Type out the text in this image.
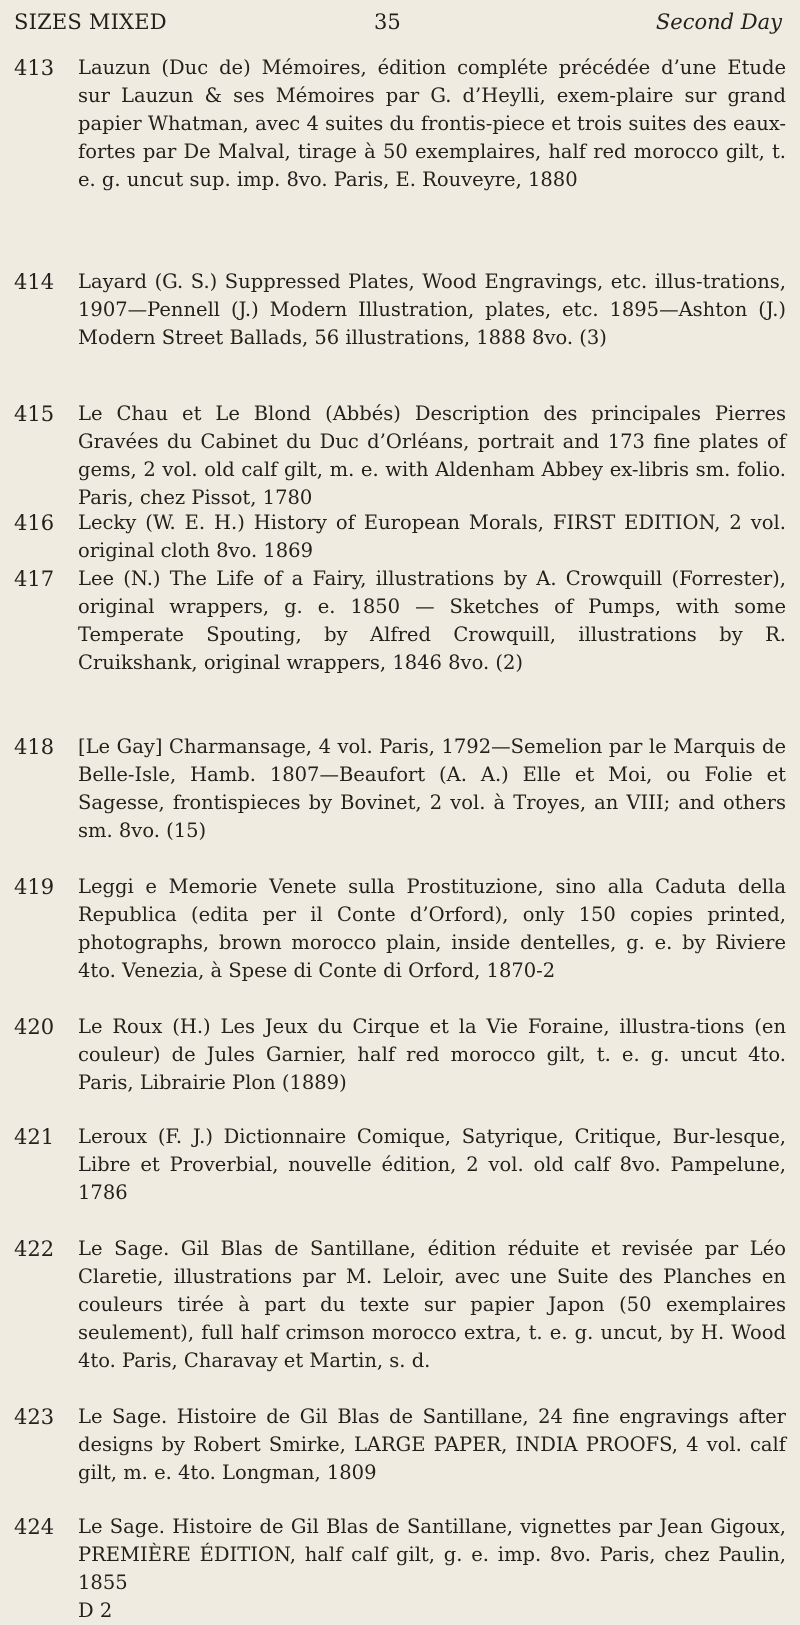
SIZES MIXED	35	Second Day
413	Lauzun (Duc de) Mémoires, édition compléte précédée d’une Etude sur Lauzun & ses Mémoires par G. d’Heylli, exem-plaire sur grand papier Whatman, avec 4 suites du frontis-piece et trois suites des eaux-fortes par De Malval, tirage à 50 exemplaires, half red morocco gilt, t. e. g. uncut sup. imp. 8vo. Paris, E. Rouveyre, 1880
414	Layard (G. S.) Suppressed Plates, Wood Engravings, etc. illus-trations, 1907—Pennell (J.) Modern Illustration, plates, etc. 1895—Ashton (J.) Modern Street Ballads, 56 illustrations, 1888 8vo. (3)
415	Le Chau et Le Blond (Abbés) Description des principales Pierres Gravées du Cabinet du Duc d’Orléans, portrait and 173 fine plates of gems, 2 vol. old calf gilt, m. e. with Aldenham Abbey ex-libris sm. folio. Paris, chez Pissot, 1780
416	Lecky (W. E. H.) History of European Morals, FIRST EDITION, 2 vol. original cloth 8vo. 1869
417	Lee (N.) The Life of a Fairy, illustrations by A. Crowquill (Forrester), original wrappers, g. e. 1850 — Sketches of Pumps, with some Temperate Spouting, by Alfred Crowquill, illustrations by R. Cruikshank, original wrappers, 1846 8vo. (2)
418	[Le Gay] Charmansage, 4 vol. Paris, 1792—Semelion par le Marquis de Belle-Isle, Hamb. 1807—Beaufort (A. A.) Elle et Moi, ou Folie et Sagesse, frontispieces by Bovinet, 2 vol. à Troyes, an VIII; and others sm. 8vo. (15)
419	Leggi e Memorie Venete sulla Prostituzione, sino alla Caduta della Republica (edita per il Conte d’Orford), only 150 copies printed, photographs, brown morocco plain, inside dentelles, g. e. by Riviere 4to. Venezia, à Spese di Conte di Orford, 1870-2
420	Le Roux (H.) Les Jeux du Cirque et la Vie Foraine, illustra-tions (en couleur) de Jules Garnier, half red morocco gilt, t. e. g. uncut 4to. Paris, Librairie Plon (1889)
421	Leroux (F. J.) Dictionnaire Comique, Satyrique, Critique, Bur-lesque, Libre et Proverbial, nouvelle édition, 2 vol. old calf 8vo. Pampelune, 1786
422	Le Sage. Gil Blas de Santillane, édition réduite et revisée par Léo Claretie, illustrations par M. Leloir, avec une Suite des Planches en couleurs tirée à part du texte sur papier Japon (50 exemplaires seulement), full half crimson morocco extra, t. e. g. uncut, by H. Wood 4to. Paris, Charavay et Martin, s. d.
423	Le Sage. Histoire de Gil Blas de Santillane, 24 fine engravings after designs by Robert Smirke, LARGE PAPER, INDIA PROOFS, 4 vol. calf gilt, m. e. 4to. Longman, 1809
424	Le Sage. Histoire de Gil Blas de Santillane, vignettes par Jean Gigoux, PREMIÈRE ÉDITION, half calf gilt, g. e. imp. 8vo. Paris, chez Paulin, 1855
D 2
